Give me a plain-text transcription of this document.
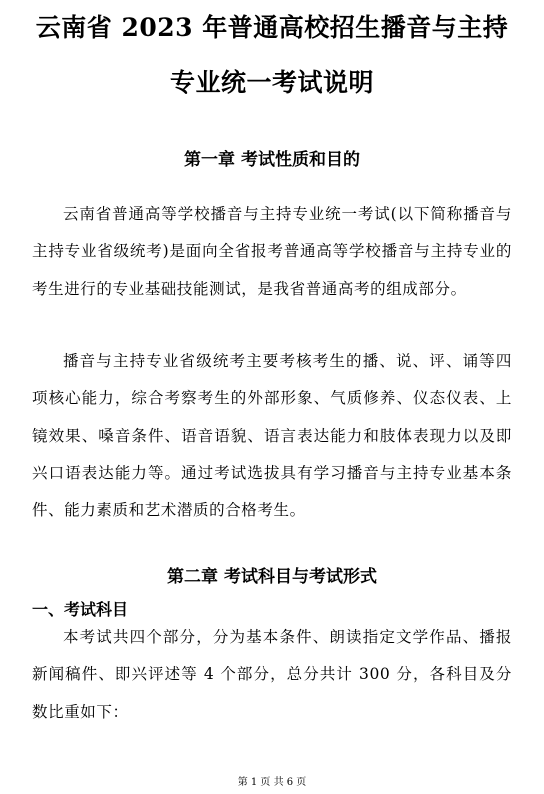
云南省 2023 年普通高校招生播音与主持
专业统一考试说明
第一章 考试性质和目的

云南省普通高等学校播音与主持专业统一考试(以下简称播音与主持专业省级统考)是面向全省报考普通高等学校播音与主持专业的考生进行的专业基础技能测试，是我省普通高考的组成部分。

播音与主持专业省级统考主要考核考生的播、说、评、诵等四项核心能力，综合考察考生的外部形象、气质修养、仪态仪表、上镜效果、嗓音条件、语音语貌、语言表达能力和肢体表现力以及即兴口语表达能力等。通过考试选拔具有学习播音与主持专业基本条件、能力素质和艺术潜质的合格考生。

第二章 考试科目与考试形式
一、考试科目

本考试共四个部分，分为基本条件、朗读指定文学作品、播报新闻稿件、即兴评述等 4 个部分，总分共计 300 分，各科目及分数比重如下：

第 1 页 共 6 页
